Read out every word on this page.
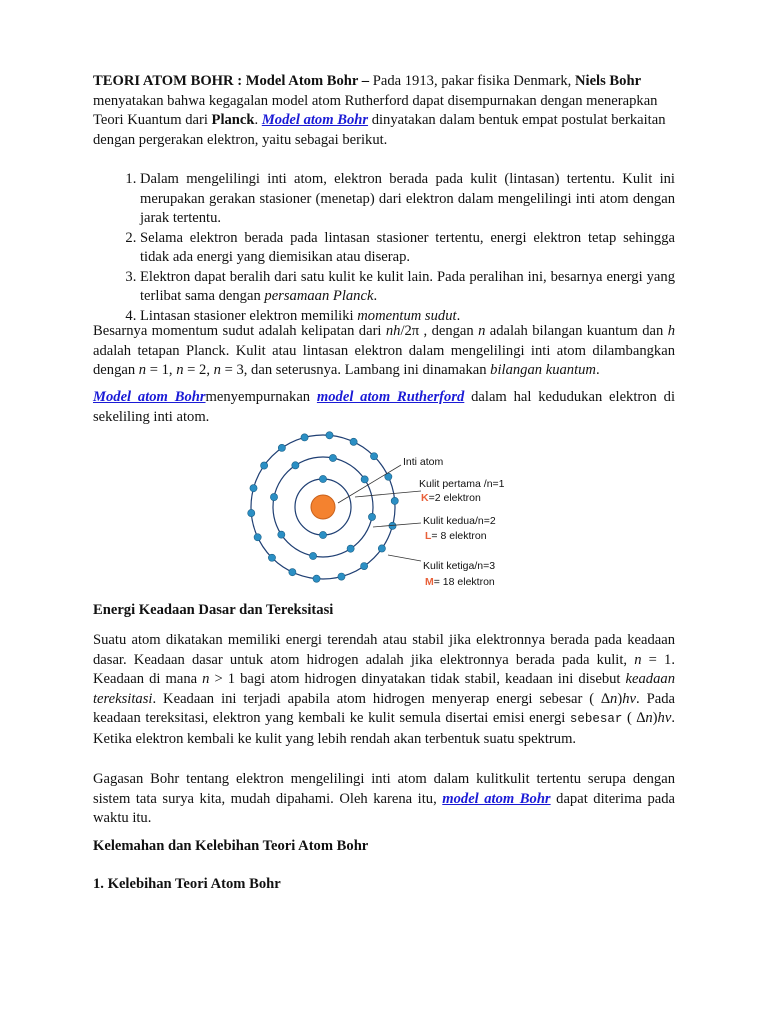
TEORI ATOM BOHR : Model Atom Bohr – Pada 1913, pakar fisika Denmark, Niels Bohr menyatakan bahwa kegagalan model atom Rutherford dapat disempurnakan dengan menerapkan Teori Kuantum dari Planck. Model atom Bohr dinyatakan dalam bentuk empat postulat berkaitan dengan pergerakan elektron, yaitu sebagai berikut.

1. Dalam mengelilingi inti atom, elektron berada pada kulit (lintasan) tertentu. Kulit ini merupakan gerakan stasioner (menetap) dari elektron dalam mengelilingi inti atom dengan jarak tertentu.
2. Selama elektron berada pada lintasan stasioner tertentu, energi elektron tetap sehingga tidak ada energi yang diemisikan atau diserap.
3. Elektron dapat beralih dari satu kulit ke kulit lain. Pada peralihan ini, besarnya energi yang terlibat sama dengan persamaan Planck.
4. Lintasan stasioner elektron memiliki momentum sudut.

Besarnya momentum sudut adalah kelipatan dari nh/2π , dengan n adalah bilangan kuantum dan h adalah tetapan Planck. Kulit atau lintasan elektron dalam mengelilingi inti atom dilambangkan dengan n = 1, n = 2, n = 3, dan seterusnya. Lambang ini dinamakan bilangan kuantum.

Model atom Bohrmenyempurnakan model atom Rutherford dalam hal kedudukan elektron di sekeliling inti atom.

Inti atom
Kulit pertama /n=1
K=2 elektron
Kulit kedua/n=2
L= 8 elektron
Kulit ketiga/n=3
M= 18 elektron

Energi Keadaan Dasar dan Tereksitasi

Suatu atom dikatakan memiliki energi terendah atau stabil jika elektronnya berada pada keadaan dasar. Keadaan dasar untuk atom hidrogen adalah jika elektronnya berada pada kulit, n = 1. Keadaan di mana n > 1 bagi atom hidrogen dinyatakan tidak stabil, keadaan ini disebut keadaan tereksitasi. Keadaan ini terjadi apabila atom hidrogen menyerap energi sebesar ( ∆n)hv. Pada keadaan tereksitasi, elektron yang kembali ke kulit semula disertai emisi energi sebesar ( ∆n)hv. Ketika elektron kembali ke kulit yang lebih rendah akan terbentuk suatu spektrum.

Gagasan Bohr tentang elektron mengelilingi inti atom dalam kulitkulit tertentu serupa dengan sistem tata surya kita, mudah dipahami. Oleh karena itu, model atom Bohr dapat diterima pada waktu itu.

Kelemahan dan Kelebihan Teori Atom Bohr

1. Kelebihan Teori Atom Bohr
